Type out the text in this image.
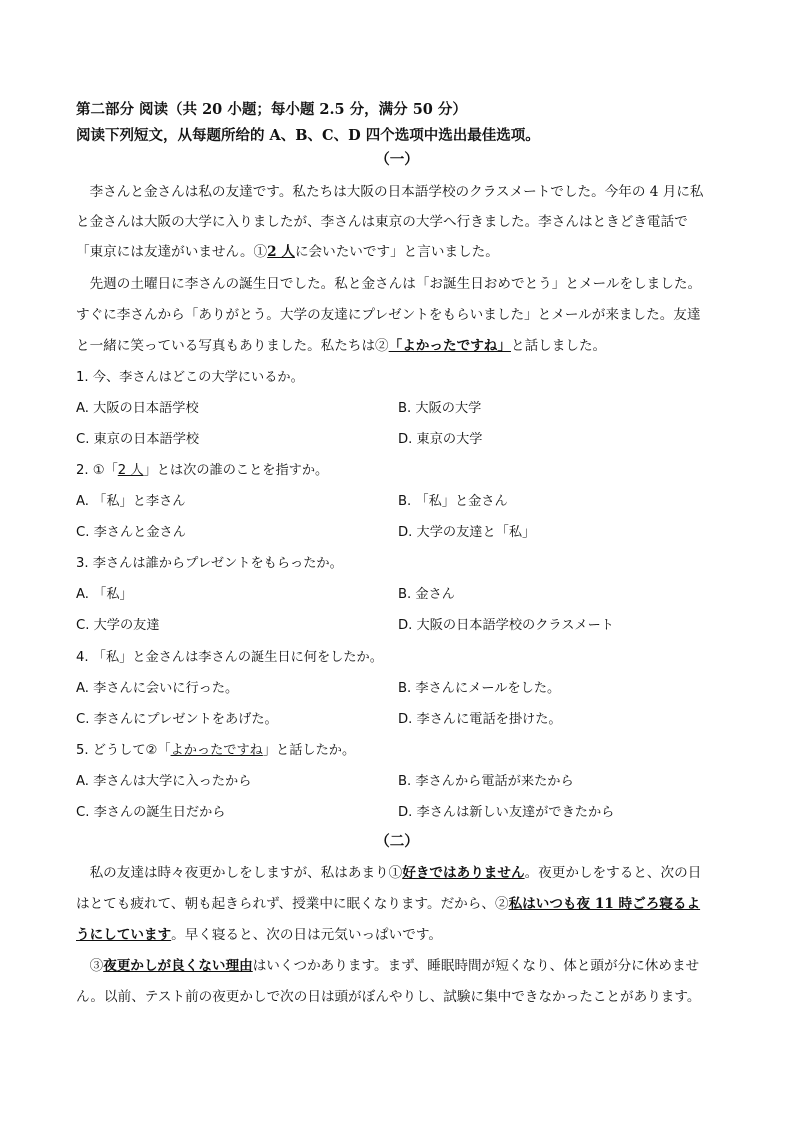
第二部分 阅读（共 20 小题；每小题 2.5 分，满分 50 分）
阅读下列短文，从每题所给的 A、B、C、D 四个选项中选出最佳选项。
（一）
　李さんと金さんは私の友達です。私たちは大阪の日本語学校のクラスメートでした。今年の 4 月に私
と金さんは大阪の大学に入りましたが、李さんは東京の大学へ行きました。李さんはときどき電話で
「東京には友達がいません。①2 人に会いたいです」と言いました。
　先週の土曜日に李さんの誕生日でした。私と金さんは「お誕生日おめでとう」とメールをしました。
すぐに李さんから「ありがとう。大学の友達にプレゼントをもらいました」とメールが来ました。友達
と一緒に笑っている写真もありました。私たちは②「よかったですね」と話しました。
1. 今、李さんはどこの大学にいるか。
A. 大阪の日本語学校	B. 大阪の大学
C. 東京の日本語学校	D. 東京の大学
2. ①「2 人」とは次の誰のことを指すか。
A. 「私」と李さん	B. 「私」と金さん
C. 李さんと金さん	D. 大学の友達と「私」
3. 李さんは誰からプレゼントをもらったか。
A. 「私」	B. 金さん
C. 大学の友達	D. 大阪の日本語学校のクラスメート
4. 「私」と金さんは李さんの誕生日に何をしたか。
A. 李さんに会いに行った。	B. 李さんにメールをした。
C. 李さんにプレゼントをあげた。	D. 李さんに電話を掛けた。
5. どうして②「よかったですね」と話したか。
A. 李さんは大学に入ったから	B. 李さんから電話が来たから
C. 李さんの誕生日だから	D. 李さんは新しい友達ができたから
（二）
　私の友達は時々夜更かしをしますが、私はあまり①好きではありません。夜更かしをすると、次の日
はとても疲れて、朝も起きられず、授業中に眠くなります。だから、②私はいつも夜 11 時ごろ寝るよ
うにしています。早く寝ると、次の日は元気いっぱいです。
　③夜更かしが良くない理由はいくつかあります。まず、睡眠時間が短くなり、体と頭が分に休めませ
ん。以前、テスト前の夜更かしで次の日は頭がぼんやりし、試験に集中できなかったことがあります。
